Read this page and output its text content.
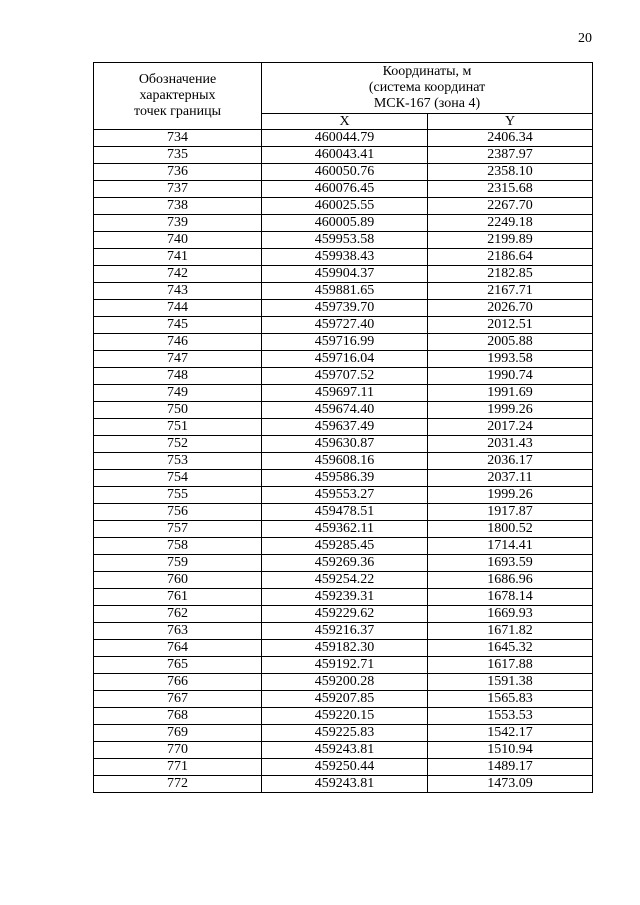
20
Обозначение
характерных
точек границы	Координаты, м
(система координат
МСК-167 (зона 4)	

	X	Y
734	460044.79	2406.34
735	460043.41	2387.97
736	460050.76	2358.10
737	460076.45	2315.68
738	460025.55	2267.70
739	460005.89	2249.18
740	459953.58	2199.89
741	459938.43	2186.64
742	459904.37	2182.85
743	459881.65	2167.71
744	459739.70	2026.70
745	459727.40	2012.51
746	459716.99	2005.88
747	459716.04	1993.58
748	459707.52	1990.74
749	459697.11	1991.69
750	459674.40	1999.26
751	459637.49	2017.24
752	459630.87	2031.43
753	459608.16	2036.17
754	459586.39	2037.11
755	459553.27	1999.26
756	459478.51	1917.87
757	459362.11	1800.52
758	459285.45	1714.41
759	459269.36	1693.59
760	459254.22	1686.96
761	459239.31	1678.14
762	459229.62	1669.93
763	459216.37	1671.82
764	459182.30	1645.32
765	459192.71	1617.88
766	459200.28	1591.38
767	459207.85	1565.83
768	459220.15	1553.53
769	459225.83	1542.17
770	459243.81	1510.94
771	459250.44	1489.17
772	459243.81	1473.09
